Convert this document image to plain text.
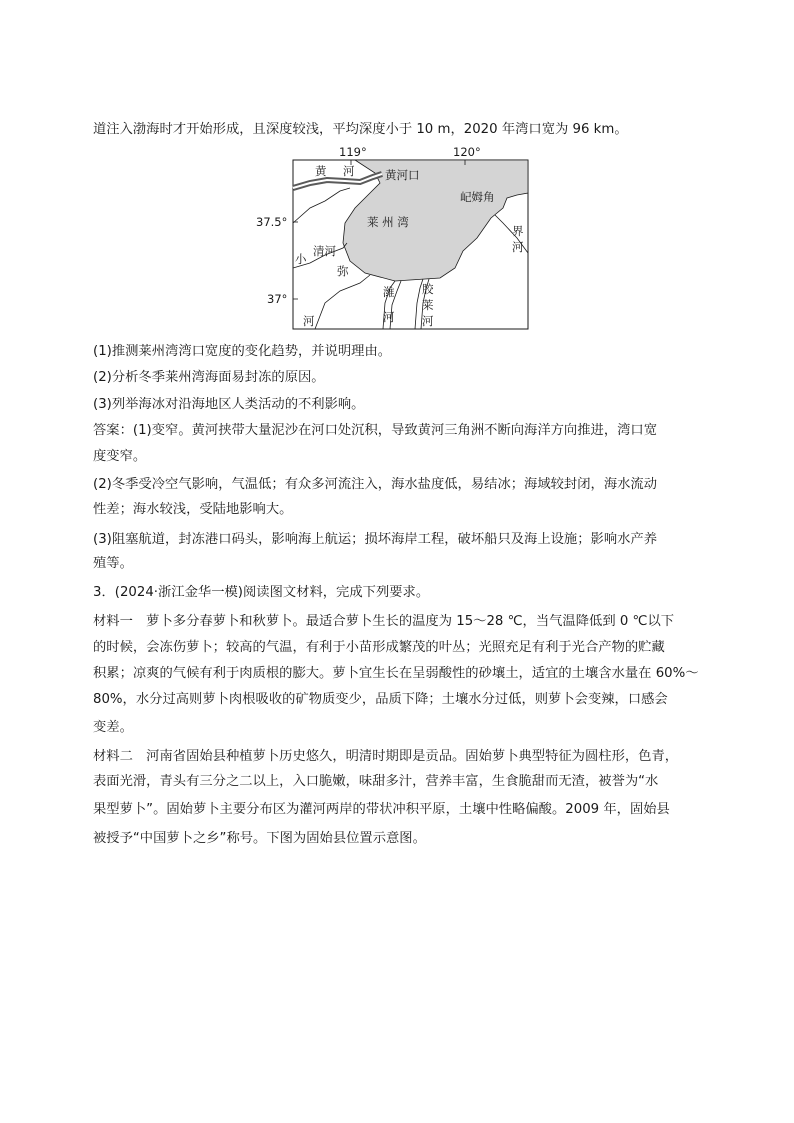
道注入渤海时才开始形成，且深度较浅，平均深度小于 10 m，2020 年湾口宽为 96 km。
119°	120°
37.5°
37°
黄 河	黄河口
屺姆角
莱 州 湾
界
河
小
清河
弥
河
潍
河
胶
莱
河
(1)推测莱州湾湾口宽度的变化趋势，并说明理由。
(2)分析冬季莱州湾海面易封冻的原因。
(3)列举海冰对沿海地区人类活动的不利影响。
答案：(1)变窄。黄河挟带大量泥沙在河口处沉积，导致黄河三角洲不断向海洋方向推进，湾口宽
度变窄。
(2)冬季受冷空气影响，气温低；有众多河流注入，海水盐度低，易结冰；海域较封闭，海水流动
性差；海水较浅，受陆地影响大。
(3)阻塞航道，封冻港口码头，影响海上航运；损坏海岸工程，破坏船只及海上设施；影响水产养
殖等。
3．(2024·浙江金华一模)阅读图文材料，完成下列要求。
材料一　萝卜多分春萝卜和秋萝卜。最适合萝卜生长的温度为 15～28 ℃，当气温降低到 0 ℃以下
的时候，会冻伤萝卜；较高的气温，有利于小苗形成繁茂的叶丛；光照充足有利于光合产物的贮藏
积累；凉爽的气候有利于肉质根的膨大。萝卜宜生长在呈弱酸性的砂壤土，适宜的土壤含水量在 60%～
80%，水分过高则萝卜肉根吸收的矿物质变少，品质下降；土壤水分过低，则萝卜会变辣，口感会
变差。
材料二　河南省固始县种植萝卜历史悠久，明清时期即是贡品。固始萝卜典型特征为圆柱形，色青，
表面光滑，青头有三分之二以上，入口脆嫩，味甜多汁，营养丰富，生食脆甜而无渣，被誉为“水
果型萝卜”。固始萝卜主要分布区为灌河两岸的带状冲积平原，土壤中性略偏酸。2009 年，固始县
被授予“中国萝卜之乡”称号。下图为固始县位置示意图。
